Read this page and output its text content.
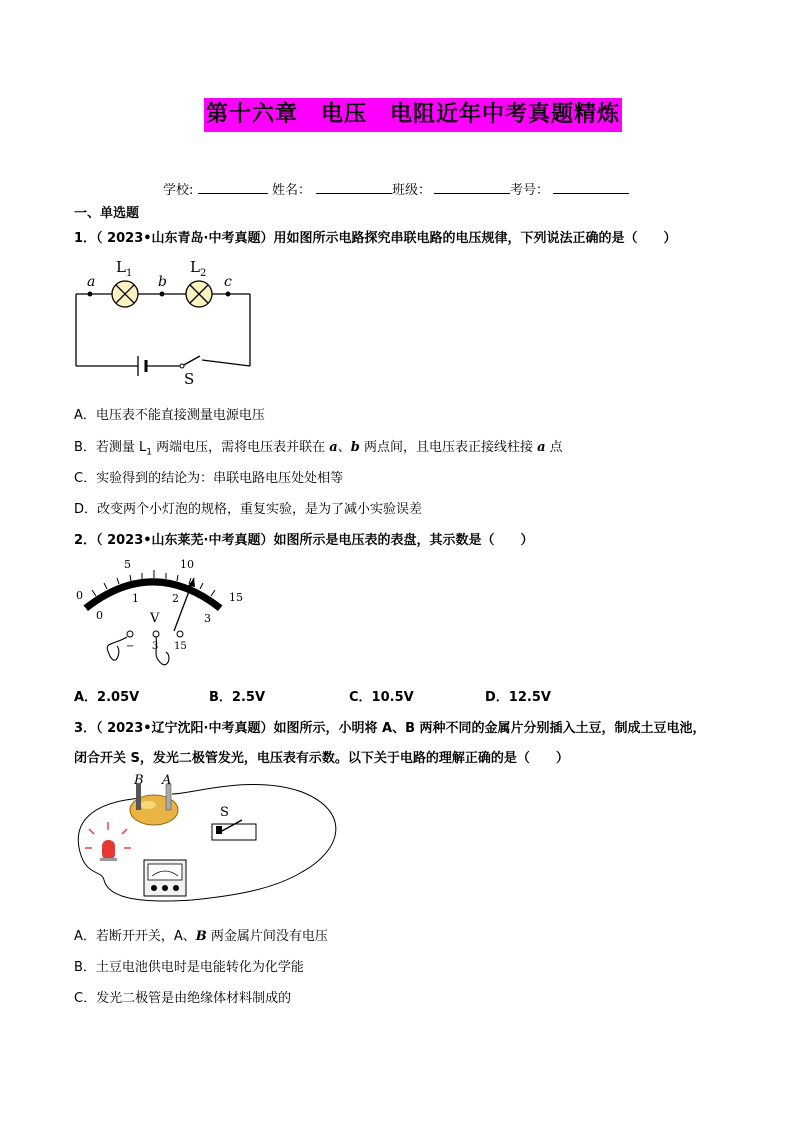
第十六章　电压　电阻近年中考真题精炼
学校:	姓名：	班级：	考号：
一、单选题
1．（ 2023•山东青岛·中考真题）用如图所示电路探究串联电路的电压规律，下列说法正确的是（　　）
a	b	c
L 1	L 2
S
A．电压表不能直接测量电源电压
B．若测量 $L_1$ 两端电压，需将电压表并联在 a、b 两点间，且电压表正接线柱接 a 点
C．实验得到的结论为：串联电路电压处处相等
D．改变两个小灯泡的规格，重复实验，是为了减小实验误差
2．（ 2023•山东莱芜·中考真题）如图所示是电压表的表盘，其示数是（　　）
0
5	10
15
0
1	2
3
V
− 3 15
A．2.05V	B．2.5V	C．10.5V	D．12.5V
3．（ 2023•辽宁沈阳·中考真题）如图所示，小明将 A、B 两种不同的金属片分别插入土豆，制成土豆电池，
闭合开关 S，发光二极管发光，电压表有示数。以下关于电路的理解正确的是（　　）
B A
S
A．若断开开关，A、B 两金属片间没有电压
B．土豆电池供电时是电能转化为化学能
C．发光二极管是由绝缘体材料制成的
